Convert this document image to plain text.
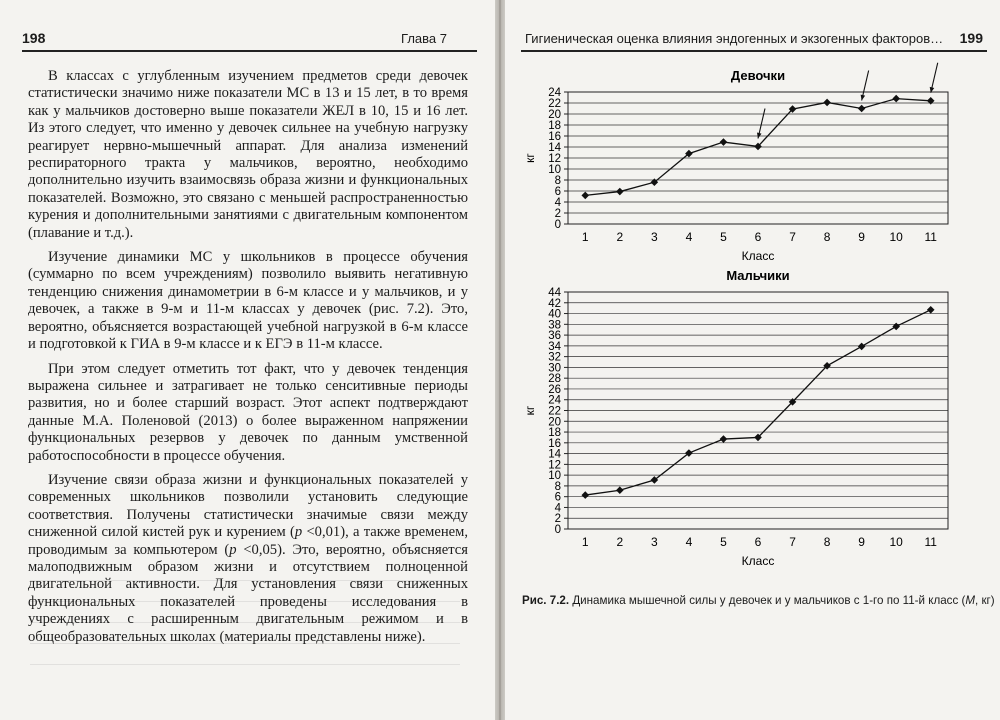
198	Глава 7

В классах с углубленным изучением предметов среди девочек статистически значимо ниже показатели МС в 13 и 15 лет, в то время как у мальчиков достоверно выше показатели ЖЕЛ в 10, 15 и 16 лет. Из этого следует, что именно у девочек сильнее на учебную нагрузку реагирует нервно-мышечный аппарат. Для анализа изменений респираторного тракта у мальчиков, вероятно, необходимо дополнительно изучить взаимосвязь образа жизни и функциональных показателей. Возможно, это связано с меньшей распространенностью курения и дополнительными занятиями с двигательным компонентом (плавание и т.д.).

Изучение динамики МС у школьников в процессе обучения (суммарно по всем учреждениям) позволило выявить негативную тенденцию снижения динамометрии в 6-м классе и у мальчиков, и у девочек, а также в 9-м и 11-м классах у девочек (рис. 7.2). Это, вероятно, объясняется возрастающей учебной нагрузкой в 6-м классе и подготовкой к ГИА в 9-м классе и к ЕГЭ в 11-м классе.

При этом следует отметить тот факт, что у девочек тенденция выражена сильнее и затрагивает не только сенситивные периоды развития, но и более старший возраст. Этот аспект подтверждают данные М.А. Поленовой (2013) о более выраженном напряжении функциональных резервов у девочек по данным умственной работоспособности в процессе обучения.

Изучение связи образа жизни и функциональных показателей у современных школьников позволили установить следующие соответствия. Получены статистически значимые связи между сниженной силой кистей рук и курением (p <0,01), а также временем, проводимым за компьютером (p <0,05). Это, вероятно, объясняется малоподвижным образом жизни и отсутствием полноценной двигательной активности. Для установления связи сниженных функциональных показателей проведены исследования в учреждениях с расширенным двигательным режимом и в общеобразовательных школах (материалы представлены ниже).

Гигиеническая оценка влияния эндогенных и экзогенных факторов… 199
Девочки
0
2
4
6
8
10
12
14
16
18
20
22
24
1 2 3 4 5 6 7 8 9 10 11
Класс
кг
Мальчики
0
2
4
6
8
10
12
14
16
18
20
22
24
26
28
30
32
34
36
38
40
42
44
1 2 3 4 5 6 7 8 9 10 11
Класс
кг
Рис. 7.2. Динамика мышечной силы у девочек и у мальчиков с 1-го по 11-й класс (М, кг)
